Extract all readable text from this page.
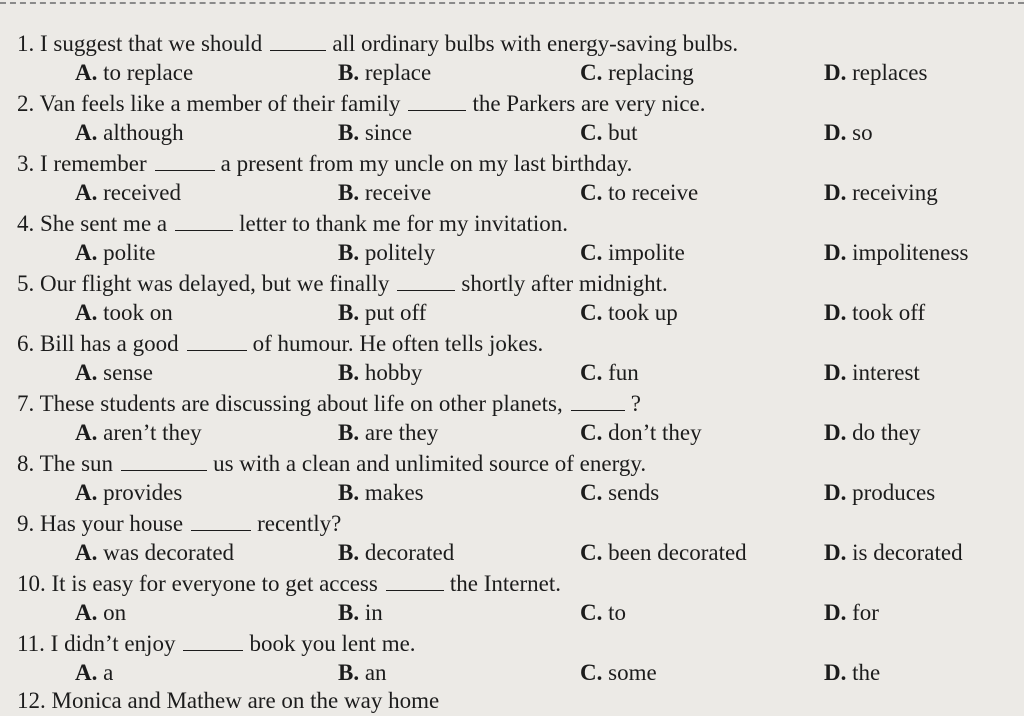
1. I suggest that we should	all ordinary bulbs with energy-saving bulbs.
A. to replace	B. replace	C. replacing	D. replaces
2. Van feels like a member of their family	the Parkers are very nice.
A. although	B. since	C. but	D. so
3. I remember	a present from my uncle on my last birthday.
A. received	B. receive	C. to receive	D. receiving
4. She sent me a	letter to thank me for my invitation.
A. polite	B. politely	C. impolite	D. impoliteness
5. Our flight was delayed, but we finally	shortly after midnight.
A. took on	B. put off	C. took up	D. took off
6. Bill has a good	of humour. He often tells jokes.
A. sense	B. hobby	C. fun	D. interest
7. These students are discussing about life on other planets,	?
A. aren’t they	B. are they	C. don’t they	D. do they
8. The sun	us with a clean and unlimited source of energy.
A. provides	B. makes	C. sends	D. produces
9. Has your house	recently?
A. was decorated	B. decorated	C. been decorated	D. is decorated
10. It is easy for everyone to get access	the Internet.
A. on	B. in	C. to	D. for
11. I didn’t enjoy	book you lent me.
A. a	B. an	C. some	D. the
12. Monica and Mathew are on the way home
